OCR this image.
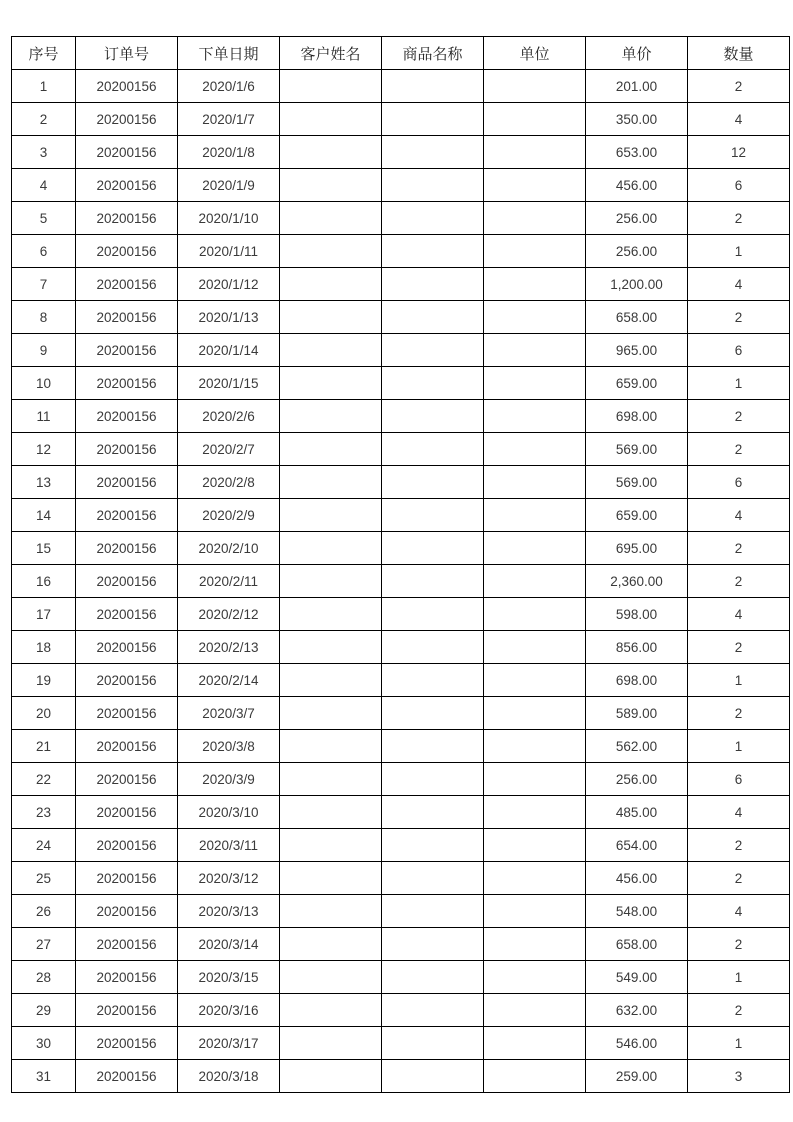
序号	订单号	下单日期	客户姓名	商品名称	单位	单价	数量
1	20200156	2020/1/6				201.00	2
2	20200156	2020/1/7				350.00	4
3	20200156	2020/1/8				653.00	12
4	20200156	2020/1/9				456.00	6
5	20200156	2020/1/10				256.00	2
6	20200156	2020/1/11				256.00	1
7	20200156	2020/1/12				1,200.00	4
8	20200156	2020/1/13				658.00	2
9	20200156	2020/1/14				965.00	6
10	20200156	2020/1/15				659.00	1
11	20200156	2020/2/6				698.00	2
12	20200156	2020/2/7				569.00	2
13	20200156	2020/2/8				569.00	6
14	20200156	2020/2/9				659.00	4
15	20200156	2020/2/10				695.00	2
16	20200156	2020/2/11				2,360.00	2
17	20200156	2020/2/12				598.00	4
18	20200156	2020/2/13				856.00	2
19	20200156	2020/2/14				698.00	1
20	20200156	2020/3/7				589.00	2
21	20200156	2020/3/8				562.00	1
22	20200156	2020/3/9				256.00	6
23	20200156	2020/3/10				485.00	4
24	20200156	2020/3/11				654.00	2
25	20200156	2020/3/12				456.00	2
26	20200156	2020/3/13				548.00	4
27	20200156	2020/3/14				658.00	2
28	20200156	2020/3/15				549.00	1
29	20200156	2020/3/16				632.00	2
30	20200156	2020/3/17				546.00	1
31	20200156	2020/3/18				259.00	3
